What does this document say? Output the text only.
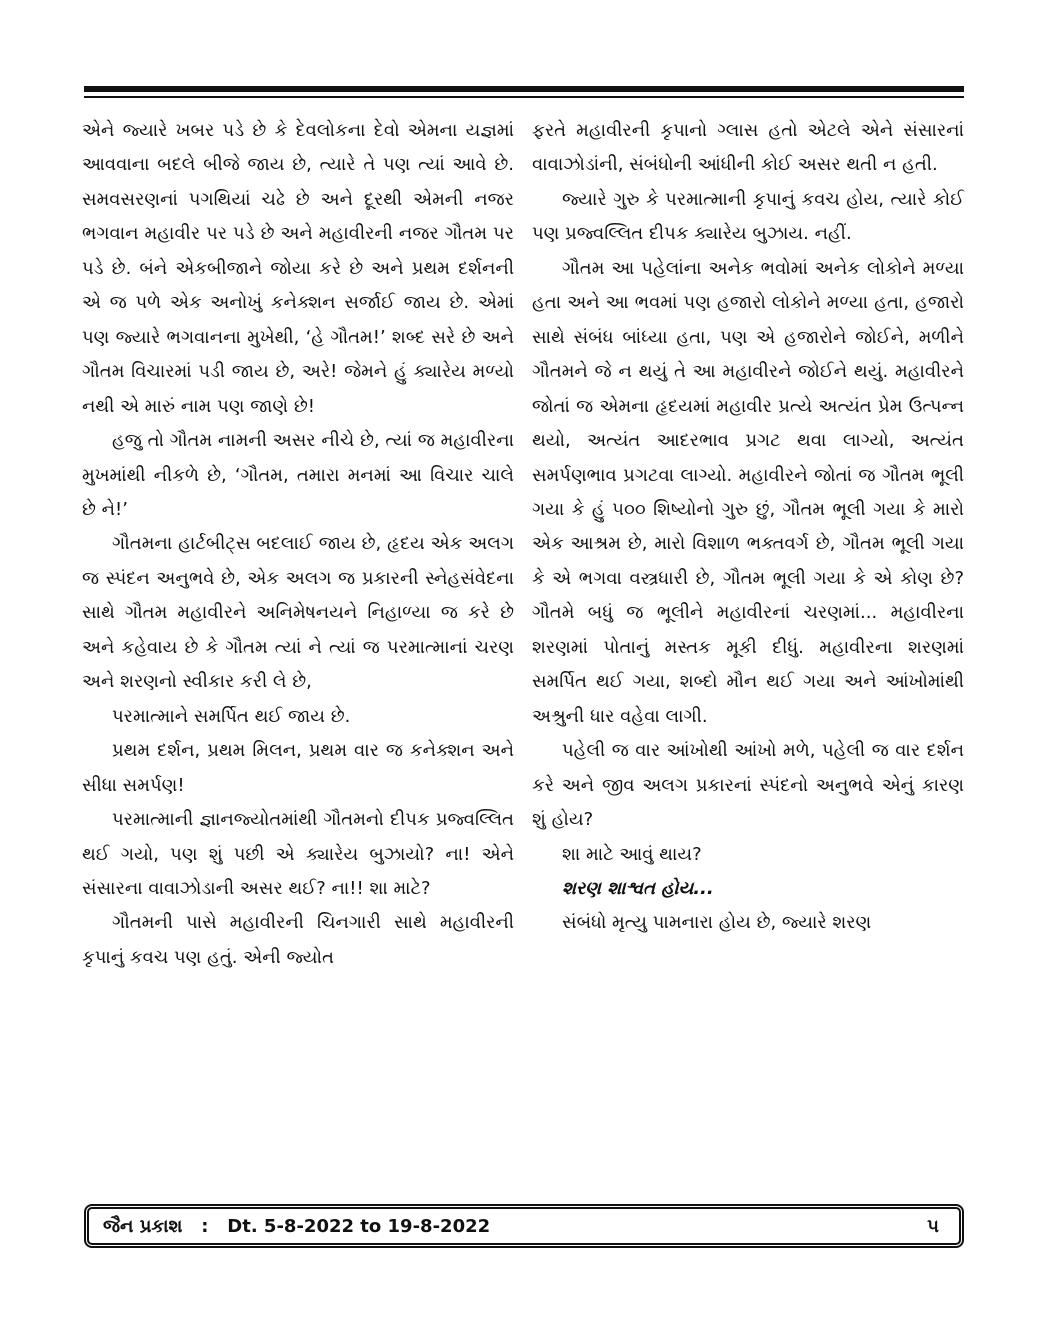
એને જ્યારે ખબર પડે છે કે દેવલોકના દેવો એમના યજ્ઞમાં આવવાના બદલે બીજે જાય છે, ત્યારે તે પણ ત્યાં આવે છે. સમવસરણનાં પગથિયાં ચઢે છે અને દૂરથી એમની નજર ભગવાન મહાવીર પર પડે છે અને મહાવીરની નજર ગૌતમ પર પડે છે. બંને એકબીજાને જોયા કરે છે અને પ્રથમ દર્શનની એ જ પળે એક અનોખું કનેક્શન સર્જાઈ જાય છે. એમાં પણ જ્યારે ભગવાનના મુખેથી, ‘હે ગૌતમ!’ શબ્દ સરે છે અને ગૌતમ વિચારમાં પડી જાય છે, અરે! જેમને હું ક્યારેય મળ્યો નથી એ મારું નામ પણ જાણે છે!

હજુ તો ગૌતમ નામની અસર નીચે છે, ત્યાં જ મહાવીરના મુખમાંથી નીકળે છે, ‘ગૌતમ, તમારા મનમાં આ વિચાર ચાલે છે ને!’

ગૌતમના હાર્ટબીટ્સ બદલાઈ જાય છે, હૃદય એક અલગ જ સ્પંદન અનુભવે છે, એક અલગ જ પ્રકારની સ્નેહસંવેદના સાથે ગૌતમ મહાવીરને અનિમેષનયને નિહાળ્યા જ કરે છે અને કહેવાય છે કે ગૌતમ ત્યાં ને ત્યાં જ પરમાત્માનાં ચરણ અને શરણનો સ્વીકાર કરી લે છે,

પરમાત્માને સમર્પિત થઈ જાય છે.

પ્રથમ દર્શન, પ્રથમ મિલન, પ્રથમ વાર જ કનેક્શન અને સીધા સમર્પણ!

પરમાત્માની જ્ઞાનજ્યોતમાંથી ગૌતમનો દીપક પ્રજ્વલ્લિત થઈ ગયો, પણ શું પછી એ ક્યારેય બુઝાયો? ના! એને સંસારના વાવાઝોડાની અસર થઈ? ના!! શા માટે?

ગૌતમની પાસે મહાવીરની ચિનગારી સાથે મહાવીરની કૃપાનું કવચ પણ હતું. એની જ્યોત

ફરતે મહાવીરની કૃપાનો ગ્લાસ હતો એટલે એને સંસારનાં વાવાઝોડાંની, સંબંધોની આંધીની કોઈ અસર થતી ન હતી.

જ્યારે ગુરુ કે પરમાત્માની કૃપાનું કવચ હોય, ત્યારે કોઈ પણ પ્રજ્વલ્લિત દીપક ક્યારેય બુઝાય. નહીં.

ગૌતમ આ પહેલાંના અનેક ભવોમાં અનેક લોકોને મળ્યા હતા અને આ ભવમાં પણ હજારો લોકોને મળ્યા હતા, હજારો સાથે સંબંધ બાંધ્યા હતા, પણ એ હજારોને જોઈને, મળીને ગૌતમને જે ન થયું તે આ મહાવીરને જોઈને થયું. મહાવીરને જોતાં જ એમના હૃદયમાં મહાવીર પ્રત્યે અત્યંત પ્રેમ ઉત્પન્ન થયો, અત્યંત આદરભાવ પ્રગટ થવા લાગ્યો, અત્યંત સમર્પણભાવ પ્રગટવા લાગ્યો. મહાવીરને જોતાં જ ગૌતમ ભૂલી ગયા કે હું ૫૦૦ શિષ્યોનો ગુરુ છું, ગૌતમ ભૂલી ગયા કે મારો એક આશ્રમ છે, મારો વિશાળ ભક્તવર્ગ છે, ગૌતમ ભૂલી ગયા કે એ ભગવા વસ્ત્રધારી છે, ગૌતમ ભૂલી ગયા કે એ કોણ છે? ગૌતમે બધું જ ભૂલીને મહાવીરનાં ચરણમાં... મહાવીરના શરણમાં પોતાનું મસ્તક મૂકી દીધું. મહાવીરના શરણમાં સમર્પિત થઈ ગયા, શબ્દો મૌન થઈ ગયા અને આંખોમાંથી અશ્રુની ધાર વહેવા લાગી.

પહેલી જ વાર આંખોથી આંખો મળે, પહેલી જ વાર દર્શન કરે અને જીવ અલગ પ્રકારનાં સ્પંદનો અનુભવે એનું કારણ શું હોય?

શા માટે આવું થાય?

શરણ શાશ્વત હોય...

સંબંધો મૃત્યુ પામનારા હોય છે, જ્યારે શરણ

જૈન પ્રકાશ : Dt. 5-8-2022 to 19-8-2022	૫
